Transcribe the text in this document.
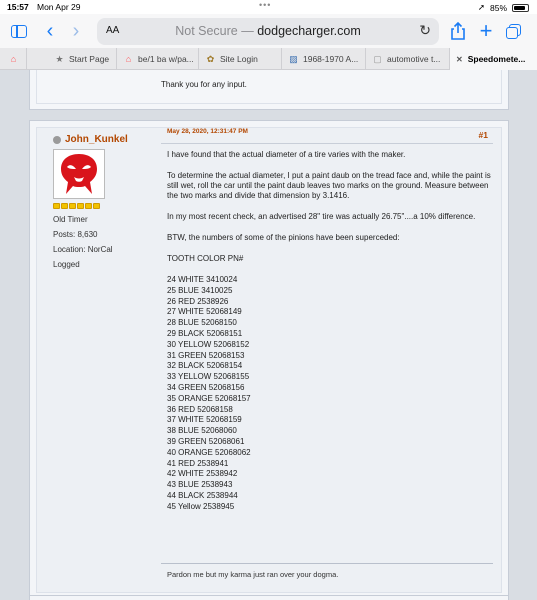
15:57 Mon Apr 29	•••	➚ 85%
‹ ›	AA	Not Secure — dodgecharger.com	↻ +
⌂	★ Start Page	⌂ be/1 ba w/pa...	✿ Site Login	▨ 1968-1970 A...	▢ automotive t...	✕ Speedomete...
Thank you for any input.
John_Kunkel
Old Timer
Posts: 8,630
Location: NorCal
Logged
May 28, 2020, 12:31:47 PM	#1

I have found that the actual diameter of a tire varies with the maker.

To determine the actual diameter, I put a paint daub on the tread face and, while the paint is still wet, roll the car until the paint daub leaves two marks on the ground. Measure between the two marks and divide that dimension by 3.1416.

In my most recent check, an advertised 28" tire was actually 26.75"....a 10% difference.

BTW, the numbers of some of the pinions have been superceded:

TOOTH COLOR PN#

24 WHITE 3410024
25 BLUE 3410025
26 RED 2538926
27 WHITE 52068149
28 BLUE 52068150
29 BLACK 52068151
30 YELLOW 52068152
31 GREEN 52068153
32 BLACK 52068154
33 YELLOW 52068155
34 GREEN 52068156
35 ORANGE 52068157
36 RED 52068158
37 WHITE 52068159
38 BLUE 52068060
39 GREEN 52068061
40 ORANGE 52068062
41 RED 2538941
42 WHITE 2538942
43 BLUE 2538943
44 BLACK 2538944
45 Yellow 2538945
Pardon me but my karma just ran over your dogma.
